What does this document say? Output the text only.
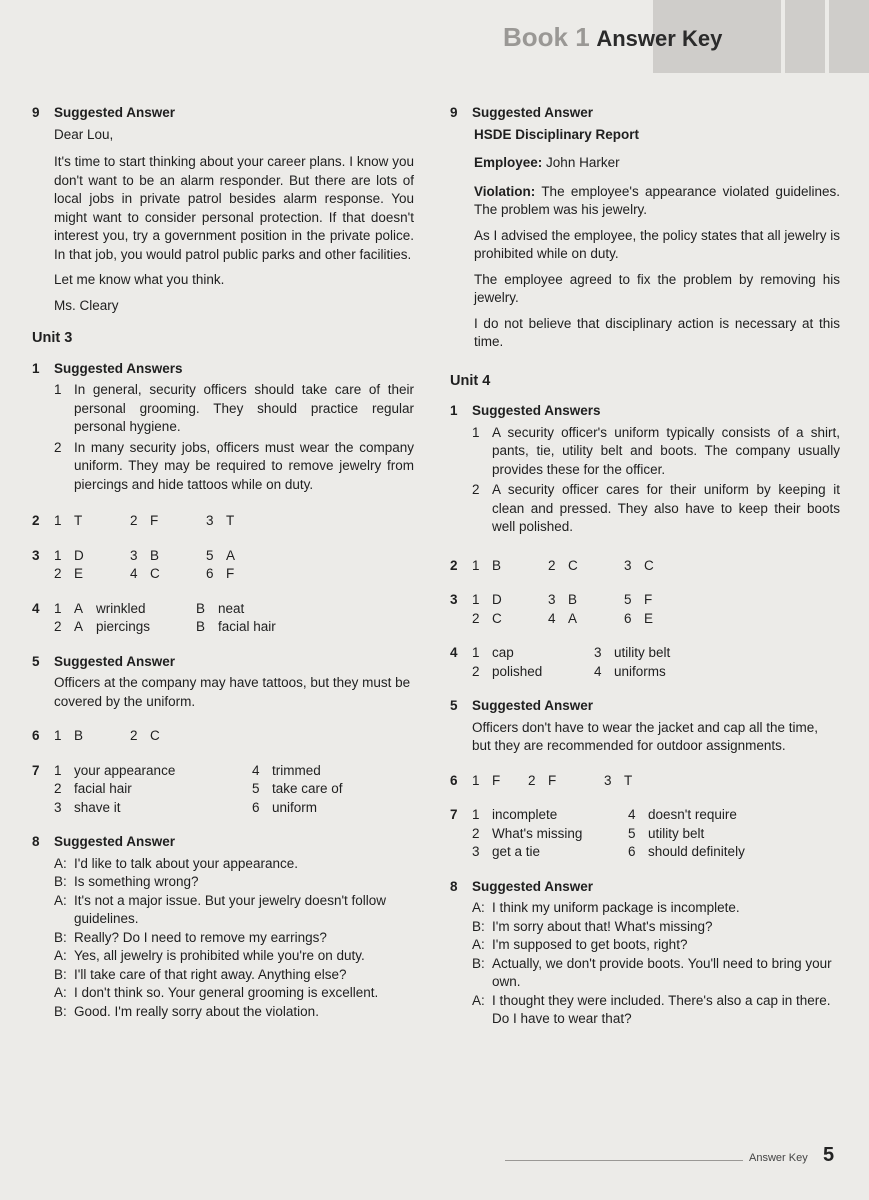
Book 1 Answer Key
9	Suggested Answer

Dear Lou,

It's time to start thinking about your career plans. I know you don't want to be an alarm responder. But there are lots of local jobs in private patrol besides alarm response. You might want to consider personal protection. If that doesn't interest you, try a government position in the private police. In that job, you would patrol public parks and other facilities.

Let me know what you think.

Ms. Cleary

Unit 3
1	Suggested Answers
1 In general, security officers should take care of their personal grooming. They should practice regular personal hygiene.
2 In many security jobs, officers must wear the company uniform. They may be required to remove jewelry from piercings and hide tattoos while on duty.
2	1 T	2 F	3 T
3	1 D	3 B	5 A
2 E	4 C	6 F
4	1 A wrinkled	B neat
2 A piercings	B facial hair
5	Suggested Answer

Officers at the company may have tattoos, but they must be covered by the uniform.

6	1 B	2 C
7	1 your appearance	4 trimmed
2 facial hair	5 take care of
3 shave it	6 uniform
8	Suggested Answer
A: I'd like to talk about your appearance.
B: Is something wrong?
A: It's not a major issue. But your jewelry doesn't follow guidelines.
B: Really? Do I need to remove my earrings?
A: Yes, all jewelry is prohibited while you're on duty.
B: I'll take care of that right away. Anything else?
A: I don't think so. Your general grooming is excellent.
B: Good. I'm really sorry about the violation.
9	Suggested Answer

HSDE Disciplinary Report

Employee: John Harker

Violation: The employee's appearance violated guidelines. The problem was his jewelry.

As I advised the employee, the policy states that all jewelry is prohibited while on duty.

The employee agreed to fix the problem by removing his jewelry.

I do not believe that disciplinary action is necessary at this time.

Unit 4
1	Suggested Answers
1 A security officer's uniform typically consists of a shirt, pants, tie, utility belt and boots. The company usually provides these for the officer.
2 A security officer cares for their uniform by keeping it clean and pressed. They also have to keep their boots well polished.
2	1 B	2 C	3 C
3	1 D	3 B	5 F
2 C	4 A	6 E
4	1 cap	3 utility belt
2 polished	4 uniforms
5	Suggested Answer

Officers don't have to wear the jacket and cap all the time, but they are recommended for outdoor assignments.

6	1 F	2 F	3 T
7	1 incomplete	4 doesn't require
2 What's missing	5 utility belt
3 get a tie	6 should definitely
8	Suggested Answer
A: I think my uniform package is incomplete.
B: I'm sorry about that! What's missing?
A: I'm supposed to get boots, right?
B: Actually, we don't provide boots. You'll need to bring your own.
A: I thought they were included. There's also a cap in there. Do I have to wear that?
Answer Key 5
